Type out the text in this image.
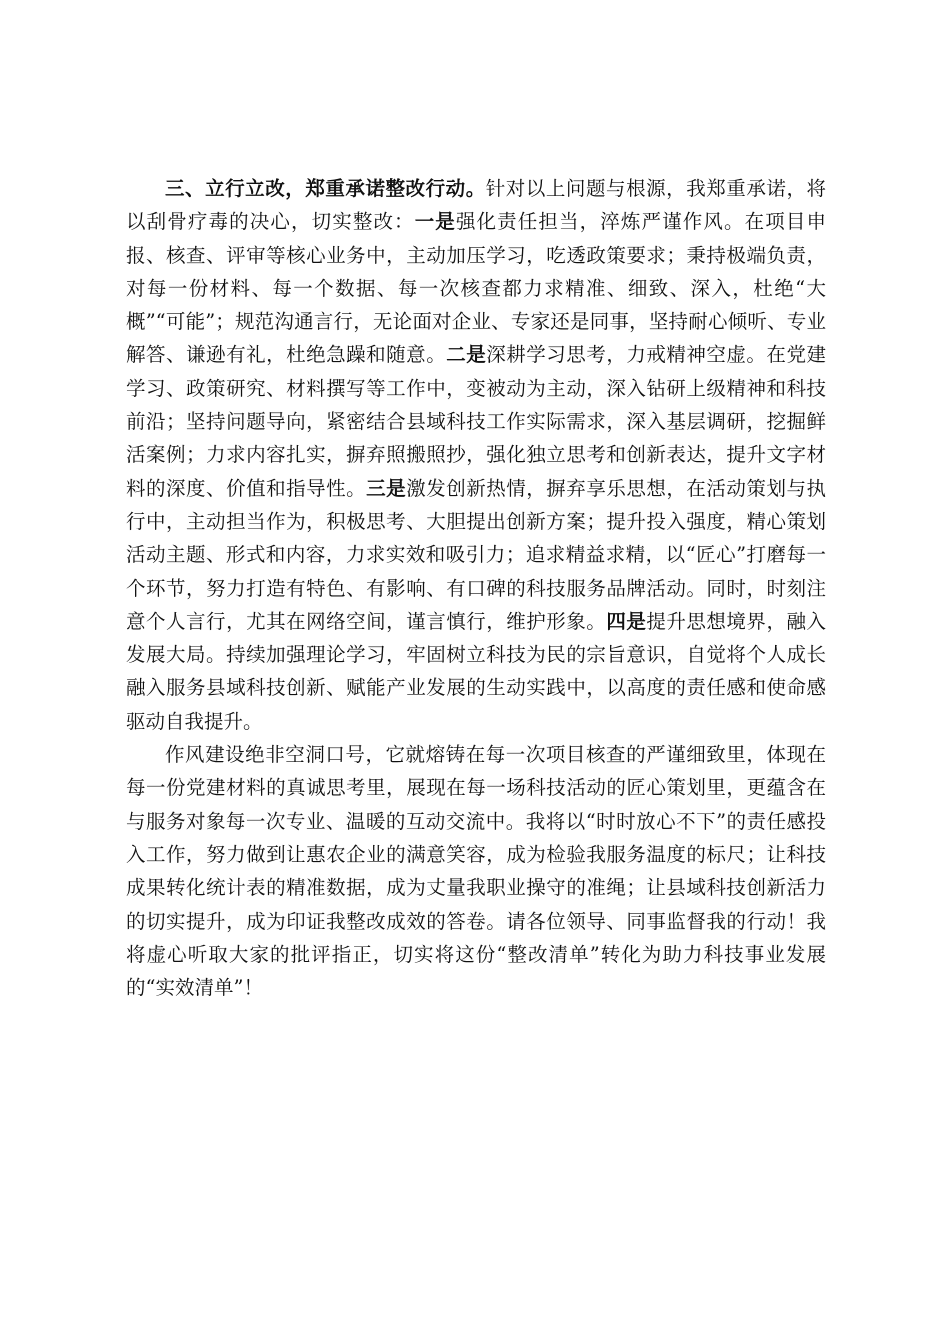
三、立行立改，郑重承诺整改行动。针对以上问题与根源，我郑重承诺，将以刮骨疗毒的决心，切实整改：一是强化责任担当，淬炼严谨作风。在项目申报、核查、评审等核心业务中，主动加压学习，吃透政策要求；秉持极端负责，对每一份材料、每一个数据、每一次核查都力求精准、细致、深入，杜绝“大概”“可能”；规范沟通言行，无论面对企业、专家还是同事，坚持耐心倾听、专业解答、谦逊有礼，杜绝急躁和随意。二是深耕学习思考，力戒精神空虚。在党建学习、政策研究、材料撰写等工作中，变被动为主动，深入钻研上级精神和科技前沿；坚持问题导向，紧密结合县域科技工作实际需求，深入基层调研，挖掘鲜活案例；力求内容扎实，摒弃照搬照抄，强化独立思考和创新表达，提升文字材料的深度、价值和指导性。三是激发创新热情，摒弃享乐思想，在活动策划与执行中，主动担当作为，积极思考、大胆提出创新方案；提升投入强度，精心策划活动主题、形式和内容，力求实效和吸引力；追求精益求精，以“匠心”打磨每一个环节，努力打造有特色、有影响、有口碑的科技服务品牌活动。同时，时刻注意个人言行，尤其在网络空间，谨言慎行，维护形象。四是提升思想境界，融入发展大局。持续加强理论学习，牢固树立科技为民的宗旨意识，自觉将个人成长融入服务县域科技创新、赋能产业发展的生动实践中，以高度的责任感和使命感驱动自我提升。

作风建设绝非空洞口号，它就熔铸在每一次项目核查的严谨细致里，体现在每一份党建材料的真诚思考里，展现在每一场科技活动的匠心策划里，更蕴含在与服务对象每一次专业、温暖的互动交流中。我将以“时时放心不下”的责任感投入工作，努力做到让惠农企业的满意笑容，成为检验我服务温度的标尺；让科技成果转化统计表的精准数据，成为丈量我职业操守的准绳；让县域科技创新活力的切实提升，成为印证我整改成效的答卷。请各位领导、同事监督我的行动！我将虚心听取大家的批评指正，切实将这份“整改清单”转化为助力科技事业发展的“实效清单”！
